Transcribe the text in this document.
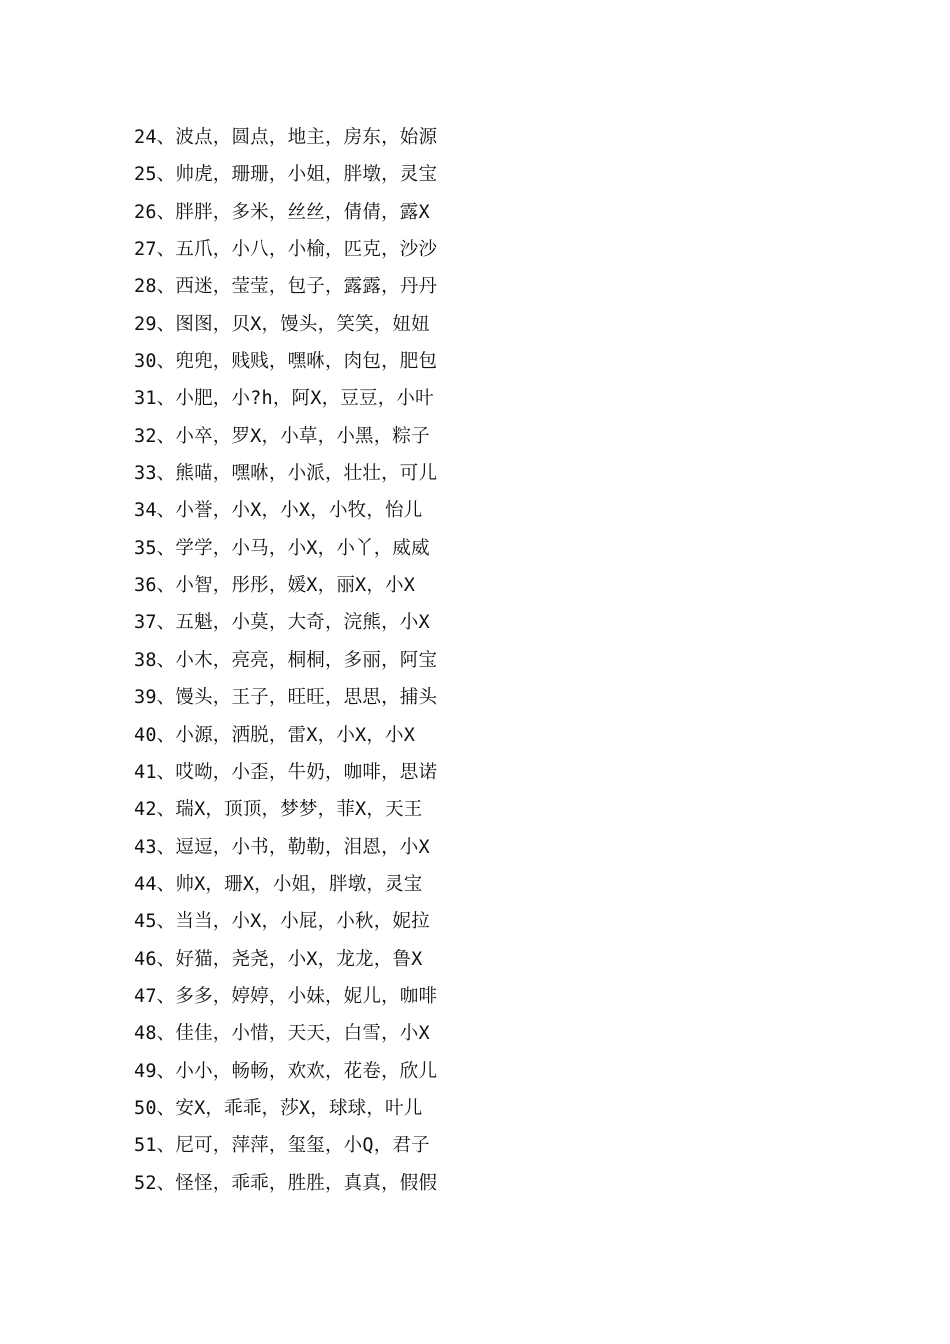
24、波点，圆点，地主，房东，始源
25、帅虎，珊珊，小姐，胖墩，灵宝
26、胖胖，多米，丝丝，倩倩，露X
27、五爪，小八，小榆，匹克，沙沙
28、西迷，莹莹，包子，露露，丹丹
29、图图，贝X，馒头，笑笑，妞妞
30、兜兜，贱贱，嘿咻，肉包，肥包
31、小肥，小?h，阿X，豆豆，小叶
32、小卒，罗X，小草，小黑，粽子
33、熊喵，嘿咻，小派，壮壮，可儿
34、小誉，小X，小X，小牧，怡儿
35、学学，小马，小X，小丫，威威
36、小智，彤彤，媛X，丽X，小X
37、五魁，小莫，大奇，浣熊，小X
38、小木，亮亮，桐桐，多丽，阿宝
39、馒头，王子，旺旺，思思，捕头
40、小源，洒脱，雷X，小X，小X
41、哎呦，小歪，牛奶，咖啡，思诺
42、瑞X，顶顶，梦梦，菲X，天王
43、逗逗，小书，勒勒，泪恩，小X
44、帅X，珊X，小姐，胖墩，灵宝
45、当当，小X，小屁，小秋，妮拉
46、好猫，尧尧，小X，龙龙，鲁X
47、多多，婷婷，小妹，妮儿，咖啡
48、佳佳，小惜，天天，白雪，小X
49、小小，畅畅，欢欢，花卷，欣儿
50、安X，乖乖，莎X，球球，叶儿
51、尼可，萍萍，玺玺，小Q，君子
52、怪怪，乖乖，胜胜，真真，假假
